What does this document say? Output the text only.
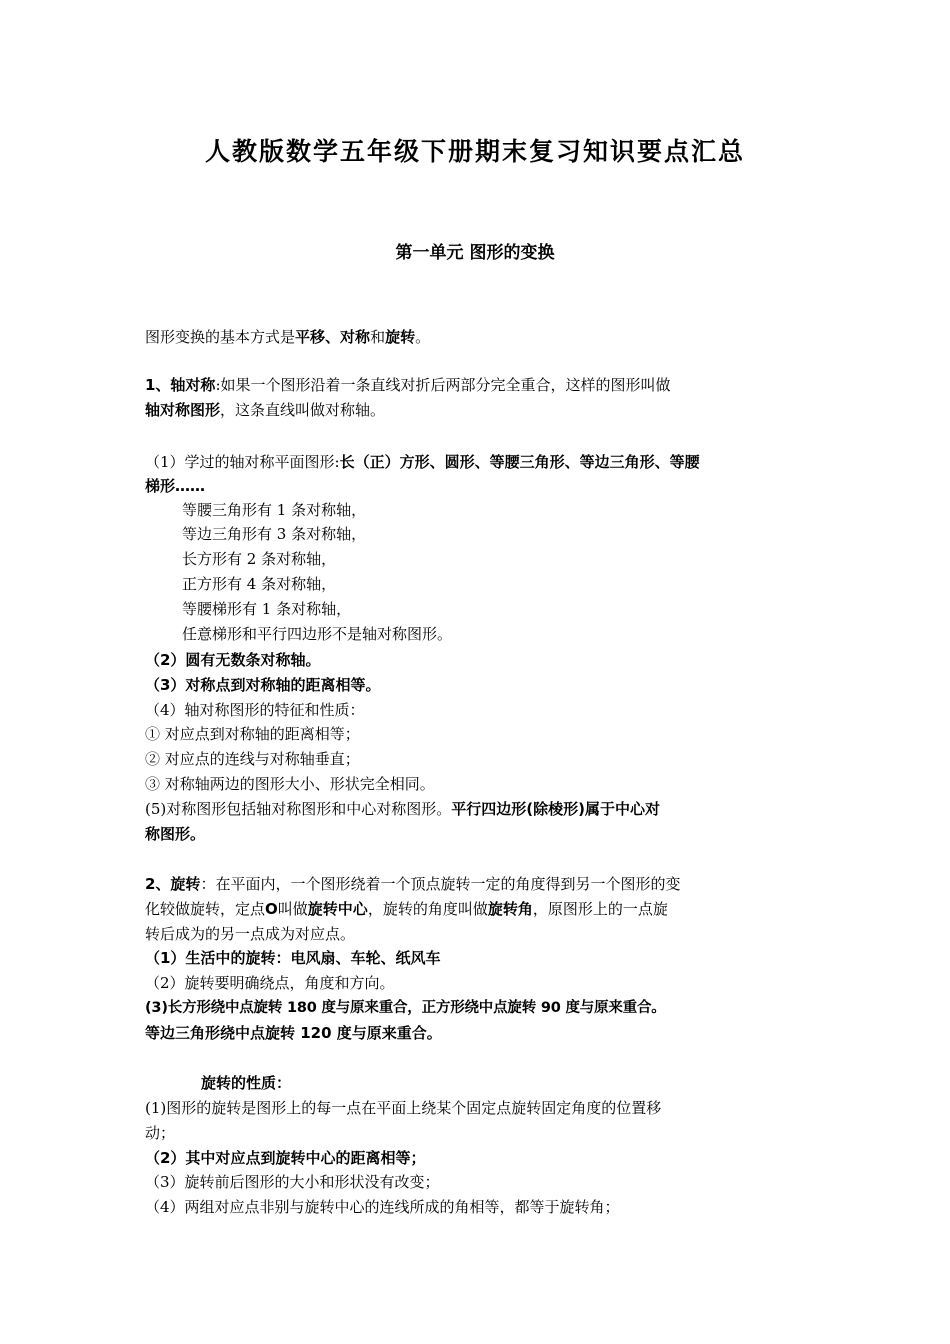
人教版数学五年级下册期末复习知识要点汇总
第一单元 图形的变换
图形变换的基本方式是平移、对称和旋转。
1、轴对称:如果一个图形沿着一条直线对折后两部分完全重合，这样的图形叫做
轴对称图形，这条直线叫做对称轴。
（1）学过的轴对称平面图形:长（正）方形、圆形、等腰三角形、等边三角形、等腰
梯形……
等腰三角形有 1 条对称轴，
等边三角形有 3 条对称轴，
长方形有 2 条对称轴，
正方形有 4 条对称轴，
等腰梯形有 1 条对称轴，
任意梯形和平行四边形不是轴对称图形。
（2）圆有无数条对称轴。
（3）对称点到对称轴的距离相等。
（4）轴对称图形的特征和性质：
① 对应点到对称轴的距离相等；
② 对应点的连线与对称轴垂直；
③ 对称轴两边的图形大小、形状完全相同。
(5)对称图形包括轴对称图形和中心对称图形。平行四边形(除棱形)属于中心对
称图形。
2、旋转：在平面内，一个图形绕着一个顶点旋转一定的角度得到另一个图形的变
化较做旋转，定点O叫做旋转中心，旋转的角度叫做旋转角，原图形上的一点旋
转后成为的另一点成为对应点。
（1）生活中的旋转：电风扇、车轮、纸风车
（2）旋转要明确绕点，角度和方向。
(3)长方形绕中点旋转 180 度与原来重合，正方形绕中点旋转 90 度与原来重合。
等边三角形绕中点旋转 120 度与原来重合。
旋转的性质：
(1)图形的旋转是图形上的每一点在平面上绕某个固定点旋转固定角度的位置移
动；
（2）其中对应点到旋转中心的距离相等；
（3）旋转前后图形的大小和形状没有改变；
（4）两组对应点非别与旋转中心的连线所成的角相等，都等于旋转角；
